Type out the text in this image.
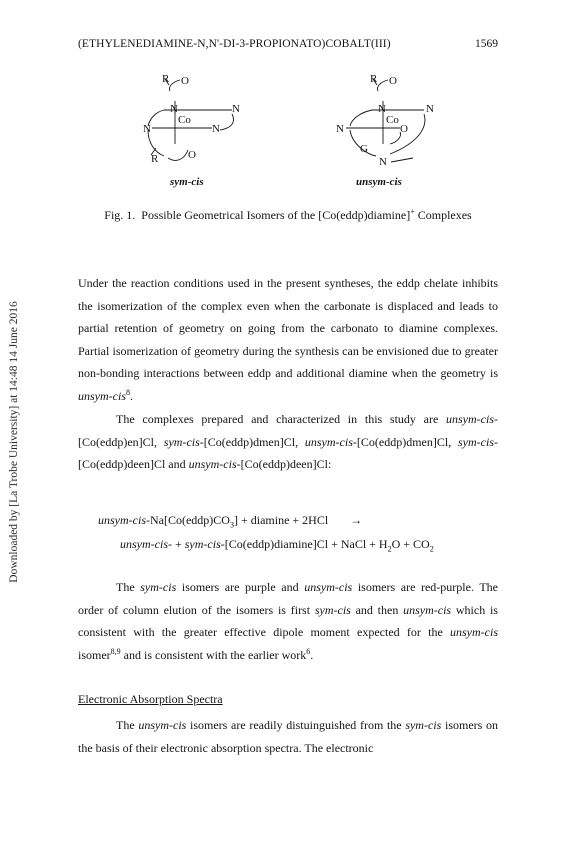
Downloaded by [La Trobe University] at 14:48 14 June 2016
(ETHYLENEDIAMINE-N,N'-DI-3-PROPIONATO)COBALT(III)	1569
R O
N	N
Co
N	N
R	O
R O
N	N
Co
N	O
G
N
sym-cis	unsym-cis
Fig. 1. Possible Geometrical Isomers of the [Co(eddp)diamine]+ Complexes
Under the reaction conditions used in the present syntheses, the eddp chelate inhibits the isomerization of the complex even when the carbonate is displaced and leads to partial retention of geometry on going from the carbonato to diamine complexes. Partial isomerization of geometry during the synthesis can be envisioned due to greater non-bonding interactions between eddp and additional diamine when the geometry is unsym-cis$^8$.
The complexes prepared and characterized in this study are unsym-cis-[Co(eddp)en]Cl, sym-cis-[Co(eddp)dmen]Cl, unsym-cis-[Co(eddp)dmen]Cl, sym-cis-[Co(eddp)deen]Cl and unsym-cis-[Co(eddp)deen]Cl:
unsym-$cis-Na[Co(eddp)CO_3] + diamine + 2HCl$ →
unsym-cis- + sym-cis-[Co(eddp)diamine]Cl + NaCl + $H_2O + CO_2$
The sym-cis isomers are purple and unsym-cis isomers are red-purple. The order of column elution of the isomers is first sym-cis and then unsym-cis which is consistent with the greater effective dipole moment expected for the unsym-cis isomer$^{8,9}$ and is consistent with the earlier work$^6$.
Electronic Absorption Spectra
The unsym-cis isomers are readily distuinguished from the sym-cis isomers on the basis of their electronic absorption spectra. The electronic
